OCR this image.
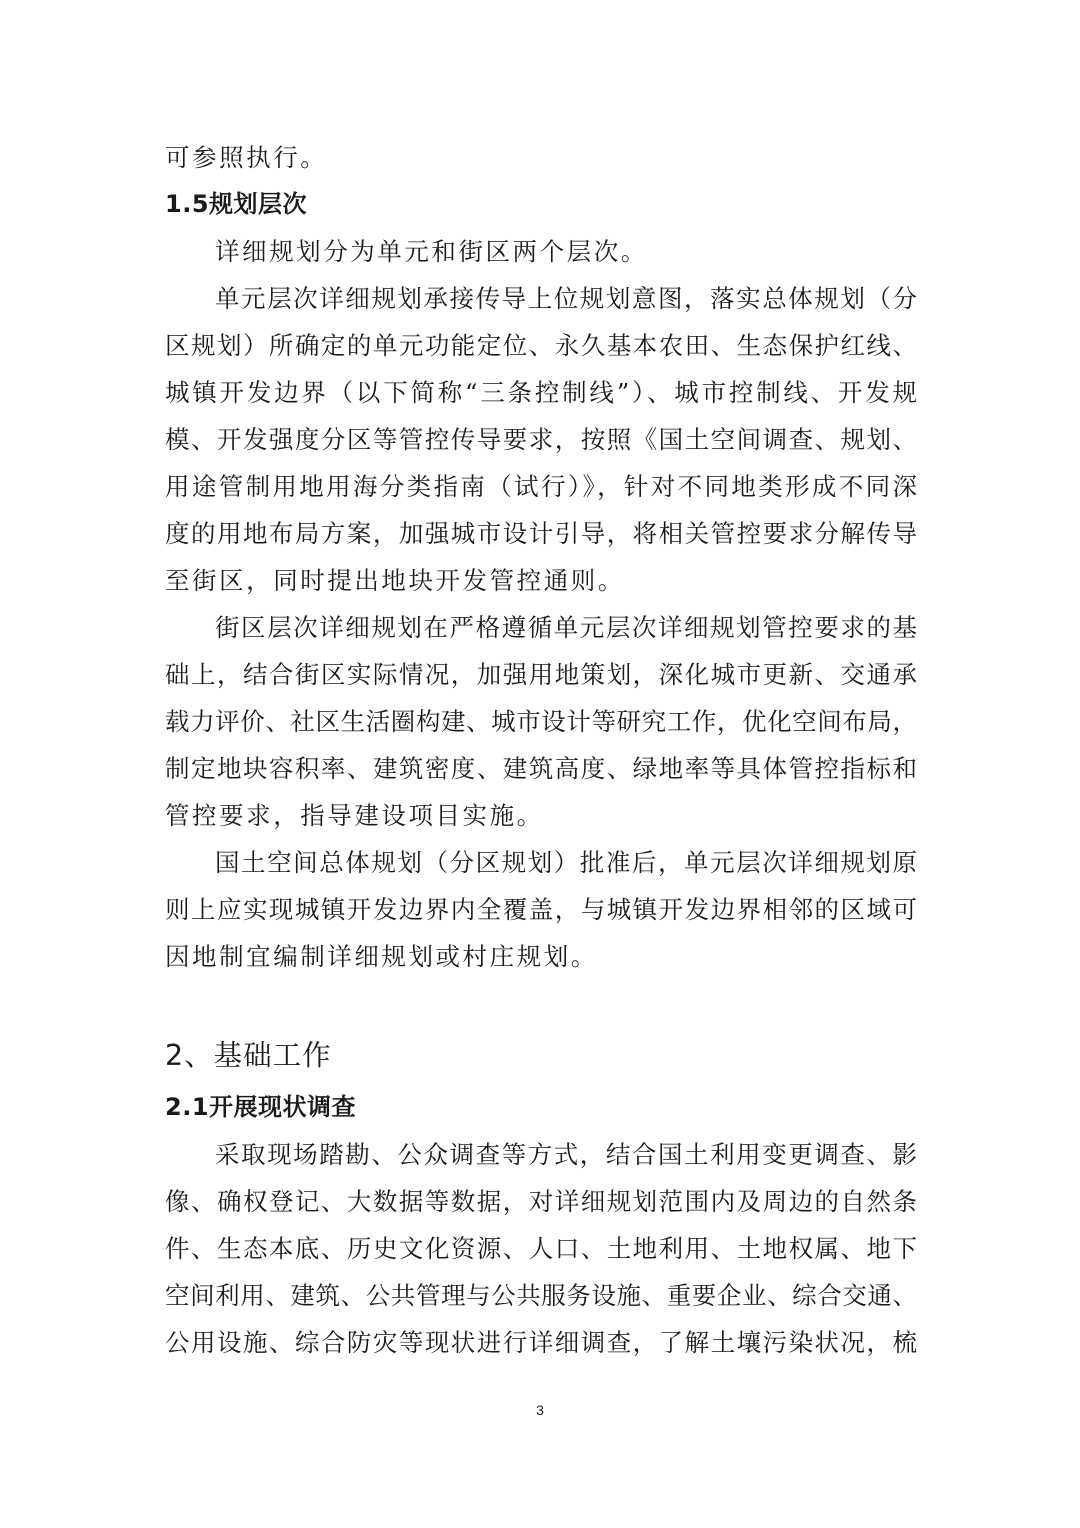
可参照执行。
1.5规划层次
详细规划分为单元和街区两个层次。
单元层次详细规划承接传导上位规划意图，落实总体规划（分
区规划）所确定的单元功能定位、永久基本农田、生态保护红线、
城镇开发边界（以下简称“三条控制线”）、城市控制线、开发规
模、开发强度分区等管控传导要求，按照《国土空间调查、规划、
用途管制用地用海分类指南（试行）》，针对不同地类形成不同深
度的用地布局方案，加强城市设计引导，将相关管控要求分解传导
至街区，同时提出地块开发管控通则。
街区层次详细规划在严格遵循单元层次详细规划管控要求的基
础上，结合街区实际情况，加强用地策划，深化城市更新、交通承
载力评价、社区生活圈构建、城市设计等研究工作，优化空间布局，
制定地块容积率、建筑密度、建筑高度、绿地率等具体管控指标和
管控要求，指导建设项目实施。
国土空间总体规划（分区规划）批准后，单元层次详细规划原
则上应实现城镇开发边界内全覆盖，与城镇开发边界相邻的区域可
因地制宜编制详细规划或村庄规划。
2、基础工作
2.1开展现状调查
采取现场踏勘、公众调查等方式，结合国土利用变更调查、影
像、确权登记、大数据等数据，对详细规划范围内及周边的自然条
件、生态本底、历史文化资源、人口、土地利用、土地权属、地下
空间利用、建筑、公共管理与公共服务设施、重要企业、综合交通、
公用设施、综合防灾等现状进行详细调查，了解土壤污染状况，梳
3
